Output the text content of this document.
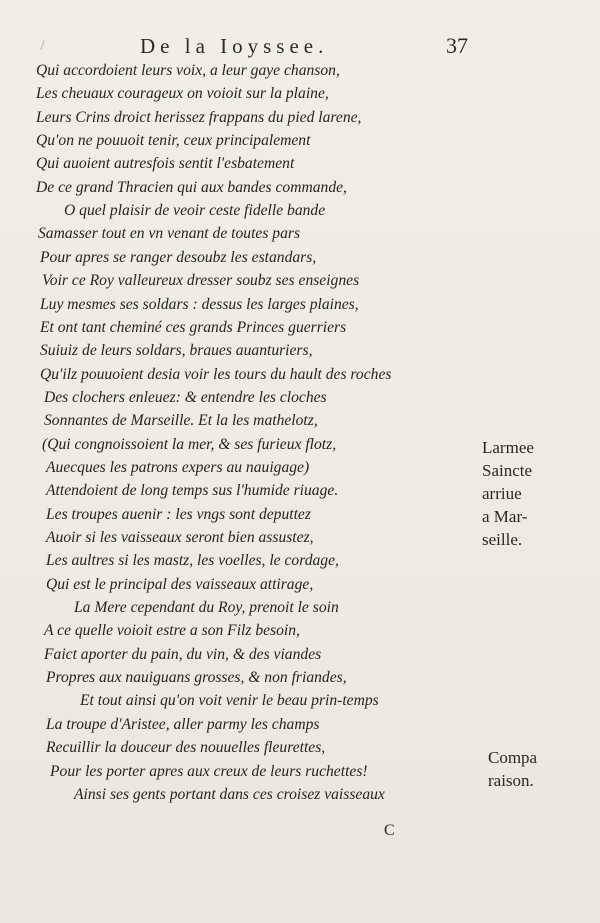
De la Ioyssee.	37
Qui accordoient leurs voix, a leur gaye chanson,
Les cheuaux courageux on voioit sur la plaine,
Leurs Crins droict herissez frappans du pied larene,
Qu'on ne pouuoit tenir, ceux principalement
Qui auoient autresfois sentit l'esbatement
De ce grand Thracien qui aux bandes commande,
O quel plaisir de veoir ceste fidelle bande
Samasser tout en vn venant de toutes pars
Pour apres se ranger desoubz les estandars,
Voir ce Roy valleureux dresser soubz ses enseignes
Luy mesmes ses soldars : dessus les larges plaines,
Et ont tant cheminé ces grands Princes guerriers
Suiuiz de leurs soldars, braues auanturiers,
Qu'ilz pouuoient desia voir les tours du hault des roches
Des clochers enleuez: & entendre les cloches
Sonnantes de Marseille. Et la les mathelotz,
(Qui congnoissoient la mer, & ses furieux flotz,
Auecques les patrons expers au nauigage)
Attendoient de long temps sus l'humide riuage.
Les troupes auenir : les vngs sont deputtez
Auoir si les vaisseaux seront bien assustez,
Les aultres si les mastz, les voelles, le cordage,
Qui est le principal des vaisseaux attirage,
La Mere cependant du Roy, prenoit le soin
A ce quelle voioit estre a son Filz besoin,
Faict aporter du pain, du vin, & des viandes
Propres aux nauiguans grosses, & non friandes,
Et tout ainsi qu'on voit venir le beau prin-temps
La troupe d'Aristee, aller parmy les champs
Recuillir la douceur des nouuelles fleurettes,
Pour les porter apres aux creux de leurs ruchettes!
Ainsi ses gents portant dans ces croisez vaisseaux
Larmee
Saincte
arriue
a Mar-
seille.
Compa
raison.
C
